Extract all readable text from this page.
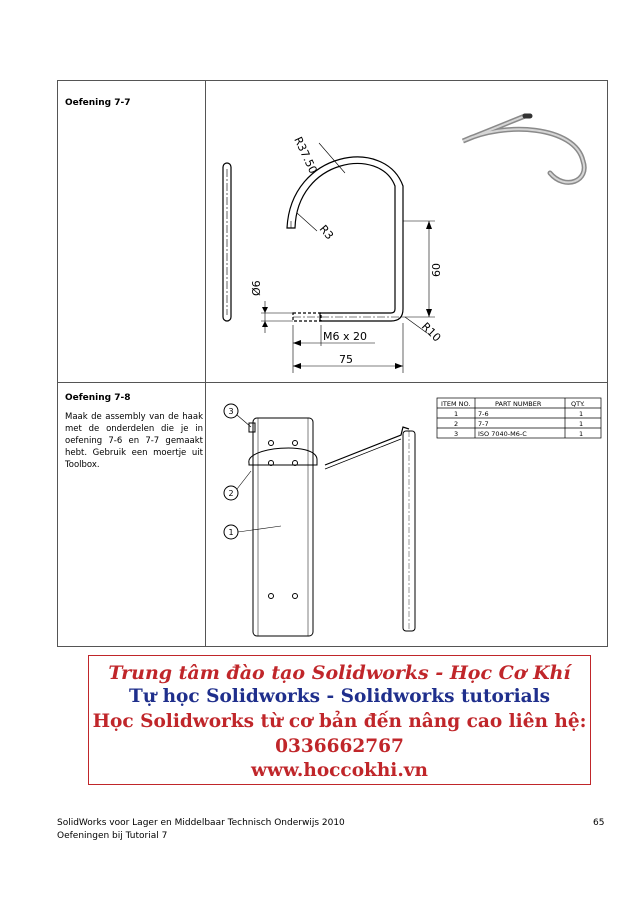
Oefening 7-7
Oefening 7-8
Maak de assembly van de haak met de onderdelen die je in oefening 7-6 en 7-7 gemaakt hebt. Gebruik een moertje uit Toolbox.
R37.50
R3
R10
Ø6
60
M6 x 20
75
3
2
1
ITEM NO.	PART NUMBER	QTY.
1	7-6	1
2	7-7	1
3	ISO 7040-M6-C	1
Trung tâm đào tạo Solidworks - Học Cơ Khí
Tự học Solidworks - Solidworks tutorials
Học Solidworks từ cơ bản đến nâng cao liên hệ:
0336662767
www.hoccokhi.vn
SolidWorks voor Lager en Middelbaar Technisch Onderwijs 2010
Oefeningen bij Tutorial 7
65
